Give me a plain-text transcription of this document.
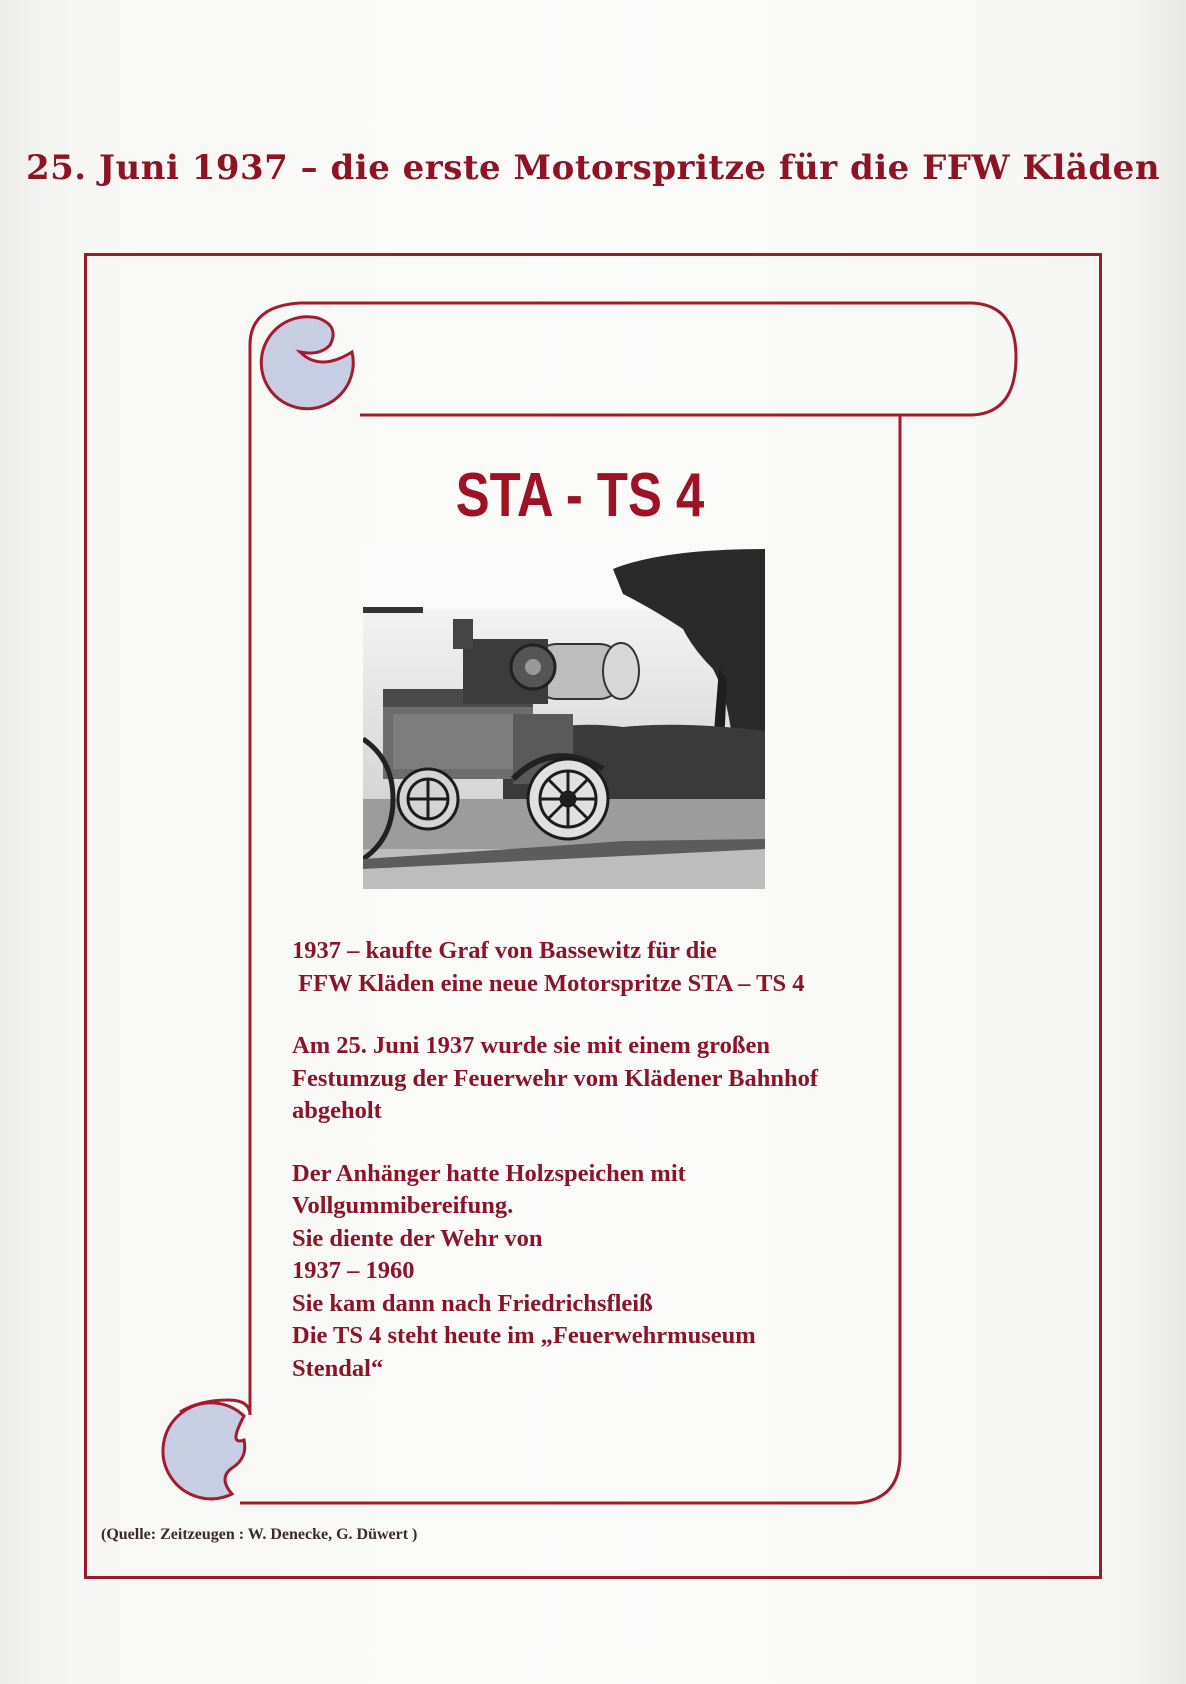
25. Juni 1937 – die erste Motorspritze für die FFW Kläden
STA - TS 4

1937 – kaufte Graf von Bassewitz für die
FFW Kläden eine neue Motorspritze STA – TS 4

Am 25. Juni 1937 wurde sie mit einem großen
Festumzug der Feuerwehr vom Klädener Bahnhof
abgeholt

Der Anhänger hatte Holzspeichen mit
Vollgummibereifung.
Sie diente der Wehr von
1937 – 1960
Sie kam dann nach Friedrichsfleiß
Die TS 4 steht heute im „Feuerwehrmuseum
Stendal“

(Quelle: Zeitzeugen : W. Denecke, G. Düwert )
